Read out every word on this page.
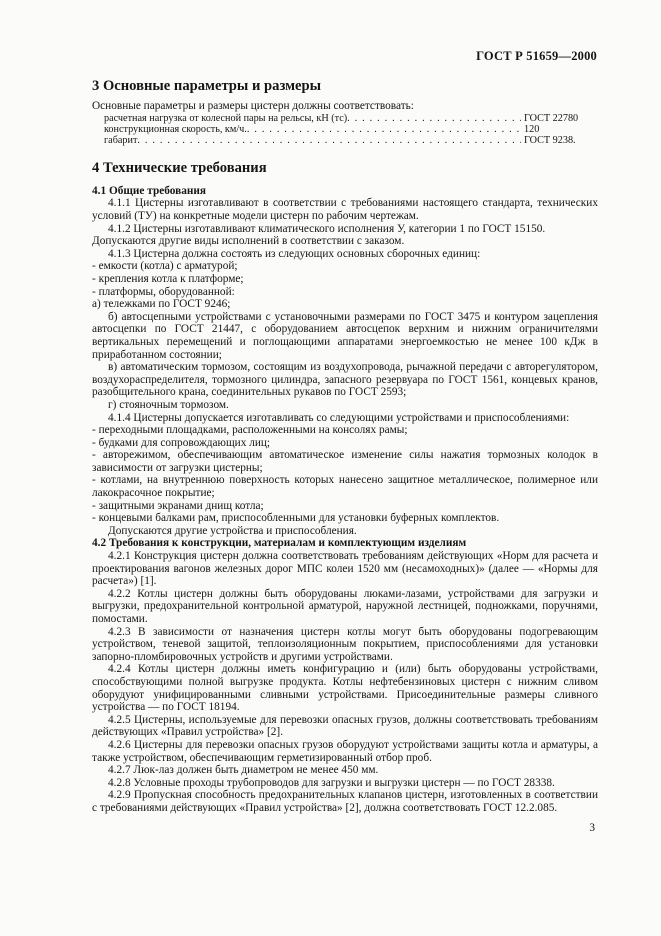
ГОСТ Р 51659—2000
3 Основные параметры и размеры

Основные параметры и размеры цистерн должны соответствовать:

расчетная нагрузка от колесной пары на рельсы, кН (тс) . . .	ГОСТ 22780
конструкционная скорость, км/ч. . . .	120
габарит . . .	ГОСТ 9238.
4 Технические требования
4.1 Общие требования

4.1.1 Цистерны изготавливают в соответствии с требованиями настоящего стандарта, технических условий (ТУ) на конкретные модели цистерн по рабочим чертежам.

4.1.2 Цистерны изготавливают климатического исполнения У, категории 1 по ГОСТ 15150.

Допускаются другие виды исполнений в соответствии с заказом.

4.1.3 Цистерна должна состоять из следующих основных сборочных единиц:

- емкости (котла) с арматурой;

- крепления котла к платформе;

- платформы, оборудованной:

а) тележками по ГОСТ 9246;

б) автосцепными устройствами с установочными размерами по ГОСТ 3475 и контуром зацепления автосцепки по ГОСТ 21447, с оборудованием автосцепок верхним и нижним ограничителями вертикальных перемещений и поглощающими аппаратами энергоемкостью не менее 100 кДж в приработанном состоянии;

в) автоматическим тормозом, состоящим из воздухопровода, рычажной передачи с авторегулятором, воздухораспределителя, тормозного цилиндра, запасного резервуара по ГОСТ 1561, концевых кранов, разобщительного крана, соединительных рукавов по ГОСТ 2593;

г) стояночным тормозом.

4.1.4 Цистерны допускается изготавливать со следующими устройствами и приспособлениями:

- переходными площадками, расположенными на консолях рамы;

- будками для сопровождающих лиц;

- авторежимом, обеспечивающим автоматическое изменение силы нажатия тормозных колодок в зависимости от загрузки цистерны;

- котлами, на внутреннюю поверхность которых нанесено защитное металлическое, полимерное или лакокрасочное покрытие;

- защитными экранами днищ котла;

- концевыми балками рам, приспособленными для установки буферных комплектов.

Допускаются другие устройства и приспособления.

4.2 Требования к конструкции, материалам и комплектующим изделиям

4.2.1 Конструкция цистерн должна соответствовать требованиям действующих «Норм для расчета и проектирования вагонов железных дорог МПС колеи 1520 мм (несамоходных)» (далее — «Нормы для расчета») [1].

4.2.2 Котлы цистерн должны быть оборудованы люками-лазами, устройствами для загрузки и выгрузки, предохранительной контрольной арматурой, наружной лестницей, подножками, поручнями, помостами.

4.2.3 В зависимости от назначения цистерн котлы могут быть оборудованы подогревающим устройством, теневой защитой, теплоизоляционным покрытием, приспособлениями для установки запорно-пломбировочных устройств и другими устройствами.

4.2.4 Котлы цистерн должны иметь конфигурацию и (или) быть оборудованы устройствами, способствующими полной выгрузке продукта. Котлы нефтебензиновых цистерн с нижним сливом оборудуют унифицированными сливными устройствами. Присоединительные размеры сливного устройства — по ГОСТ 18194.

4.2.5 Цистерны, используемые для перевозки опасных грузов, должны соответствовать требованиям действующих «Правил устройства» [2].

4.2.6 Цистерны для перевозки опасных грузов оборудуют устройствами защиты котла и арматуры, а также устройством, обеспечивающим герметизированный отбор проб.

4.2.7 Люк-лаз должен быть диаметром не менее 450 мм.

4.2.8 Условные проходы трубопроводов для загрузки и выгрузки цистерн — по ГОСТ 28338.

4.2.9 Пропускная способность предохранительных клапанов цистерн, изготовленных в соответствии с требованиями действующих «Правил устройства» [2], должна соответствовать ГОСТ 12.2.085.

3
